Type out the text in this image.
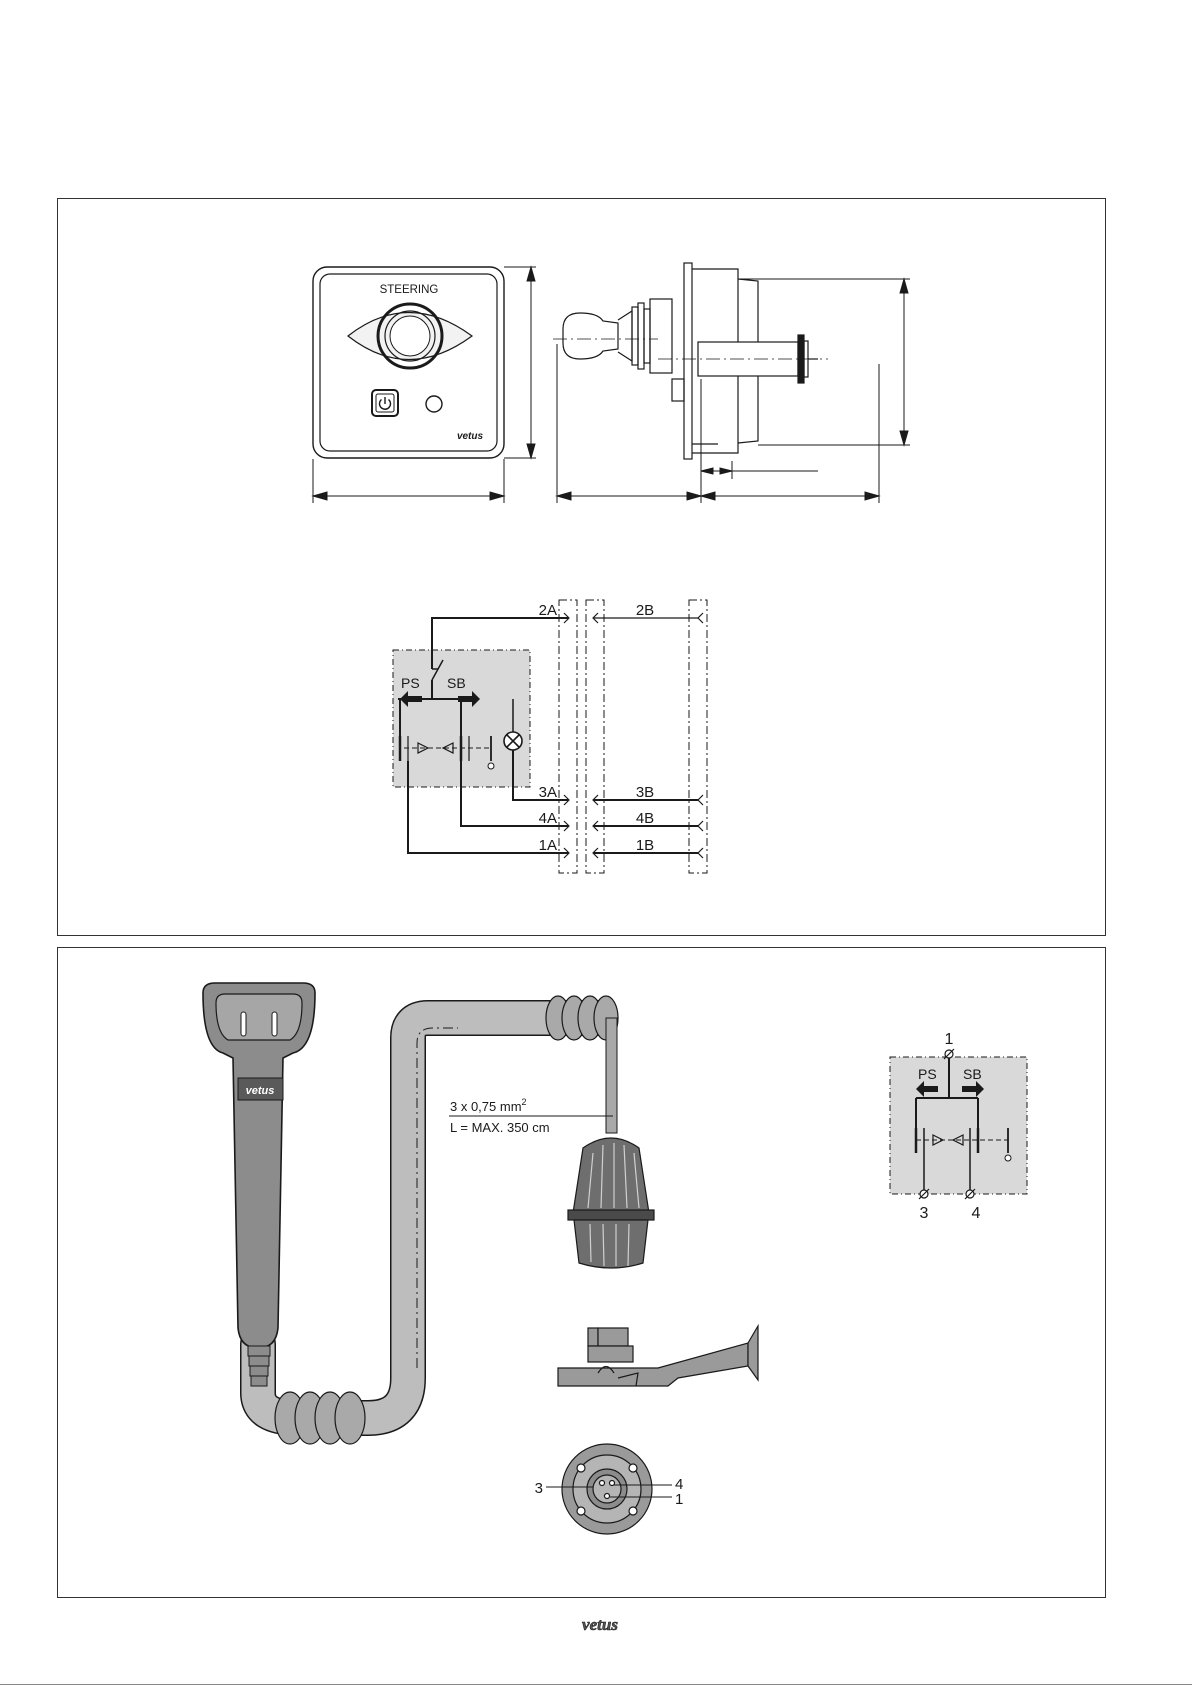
STEERING
vetus
PS SB
2A
3A
4A
1A
2B
3B
4B
1B
vetus
3 x 0,75 $mm^2$
L = MAX. 350 cm
3	4
1
1
PS SB
3	4
vetus
